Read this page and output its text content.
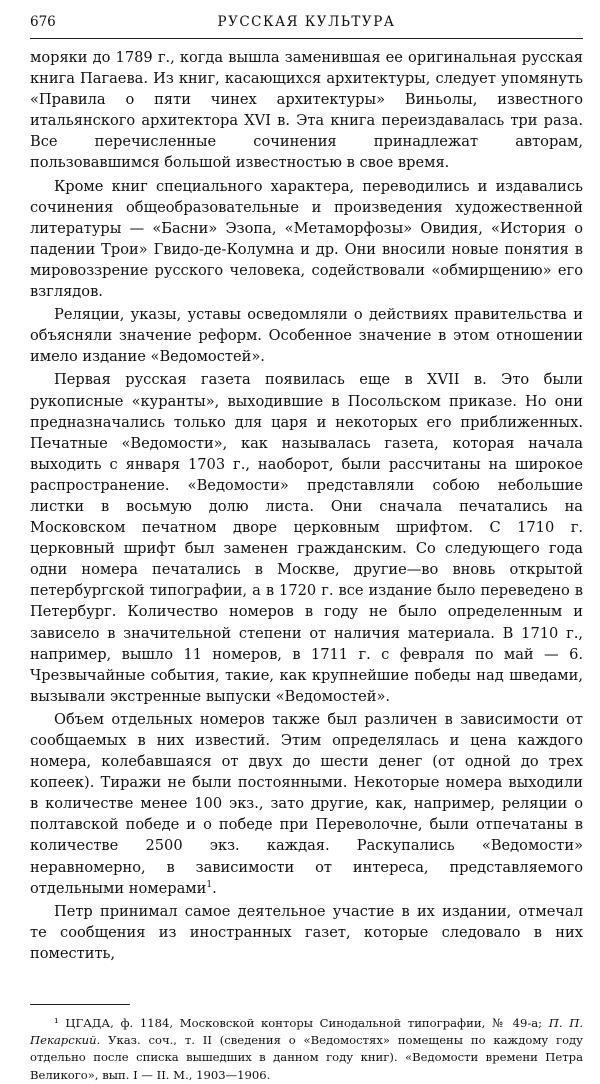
676	РУССКАЯ КУЛЬТУРА

моряки до 1789 г., когда вышла заменившая ее оригинальная русская книга Пагаева. Из книг, касающихся архитектуры, следует упомянуть «Правила о пяти чинех архитектуры» Виньолы, известного итальянского архитектора XVI в. Эта книга переиздавалась три раза. Все перечисленные сочинения принадлежат авторам, пользовавшимся большой известностью в свое время.

Кроме книг специального характера, переводились и издавались сочинения общеобразовательные и произведения художественной литературы — «Басни» Эзопа, «Метаморфозы» Овидия, «История о падении Трои» Гвидо-де-Колумна и др. Они вносили новые понятия в мировоззрение русского человека, содействовали «обмирщению» его взглядов.

Реляции, указы, уставы осведомляли о действиях правительства и объясняли значение реформ. Особенное значение в этом отношении имело издание «Ведомостей».

Первая русская газета появилась еще в XVII в. Это были рукописные «куранты», выходившие в Посольском приказе. Но они предназначались только для царя и некоторых его приближенных. Печатные «Ведомости», как называлась газета, которая начала выходить с января 1703 г., наоборот, были рассчитаны на широкое распространение. «Ведомости» представляли собою небольшие листки в восьмую долю листа. Они сначала печатались на Московском печатном дворе церковным шрифтом. С 1710 г. церковный шрифт был заменен гражданским. Со следующего года одни номера печатались в Москве, другие—во вновь открытой петербургской типографии, а в 1720 г. все издание было переведено в Петербург. Количество номеров в году не было определенным и зависело в значительной степени от наличия материала. В 1710 г., например, вышло 11 номеров, в 1711 г. с февраля по май — 6. Чрезвычайные события, такие, как крупнейшие победы над шведами, вызывали экстренные выпуски «Ведомостей».

Объем отдельных номеров также был различен в зависимости от сообщаемых в них известий. Этим определялась и цена каждого номера, колебавшаяся от двух до шести денег (от одной до трех копеек). Тиражи не были постоянными. Некоторые номера выходили в количестве менее 100 экз., зато другие, как, например, реляции о полтавской победе и о победе при Переволочне, были отпечатаны в количестве 2500 экз. каждая. Раскупались «Ведомости» неравномерно, в зависимости от интереса, представляемого отдельными номерами$^1$.

Петр принимал самое деятельное участие в их издании, отмечал те сообщения из иностранных газет, которые следовало в них поместить,

¹ ЦГАДА, ф. 1184, Московской конторы Синодальной типографии, № 49-а; П. П. Пекарский. Указ. соч., т. II (сведения о «Ведомостях» помещены по каждому году отдельно после списка вышедших в данном году книг). «Ведомости времени Петра Великого», вып. I — II. М., 1903—1906.
